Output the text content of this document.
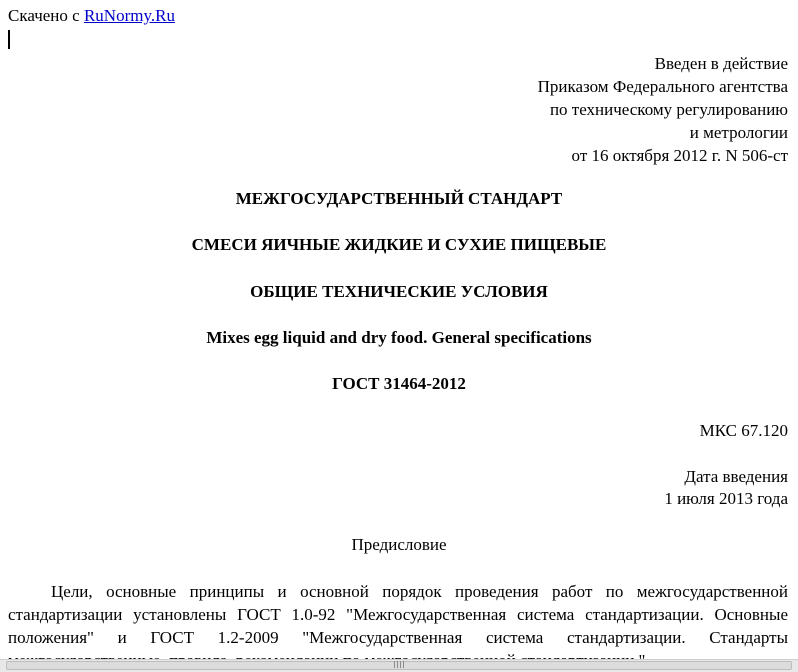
Скачено с RuNormy.Ru
Введен в действие
Приказом Федерального агентства
по техническому регулированию
и метрологии
от 16 октября 2012 г. N 506-ст
МЕЖГОСУДАРСТВЕННЫЙ СТАНДАРТ
СМЕСИ ЯИЧНЫЕ ЖИДКИЕ И СУХИЕ ПИЩЕВЫЕ
ОБЩИЕ ТЕХНИЧЕСКИЕ УСЛОВИЯ
Mixes egg liquid and dry food. General specifications
ГОСТ 31464-2012
МКС 67.120
Дата введения
1 июля 2013 года
Предисловие
Цели, основные принципы и основной порядок проведения работ по межгосударственной стандартизации установлены ГОСТ 1.0-92 "Межгосударственная система стандартизации. Основные положения" и ГОСТ 1.2-2009 "Межгосударственная система стандартизации. Стандарты
